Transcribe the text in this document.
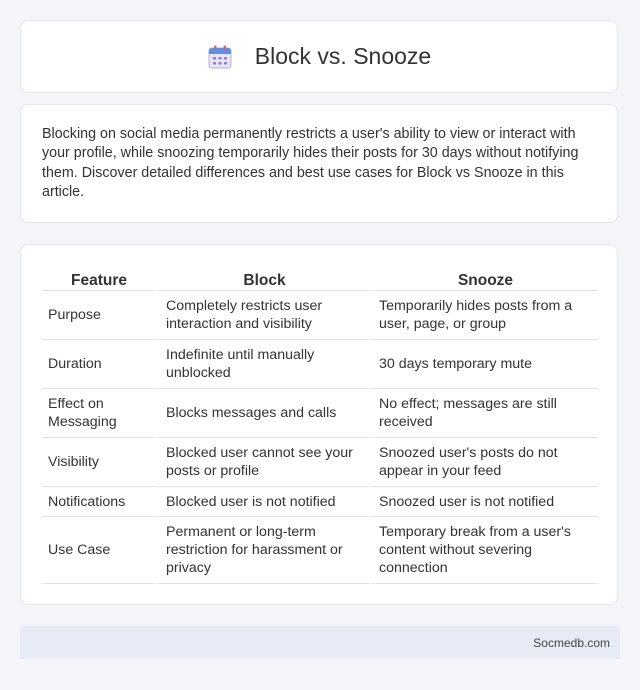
Block vs. Snooze

Blocking on social media permanently restricts a user's ability to view or interact with your profile, while snoozing temporarily hides their posts for 30 days without notifying them. Discover detailed differences and best use cases for Block vs Snooze in this article.

Feature	Block	Snooze
Purpose	Completely restricts user interaction and visibility	Temporarily hides posts from a user, page, or group
Duration	Indefinite until manually unblocked	30 days temporary mute
Effect on Messaging	Blocks messages and calls	No effect; messages are still received
Visibility	Blocked user cannot see your posts or profile	Snoozed user's posts do not appear in your feed
Notifications	Blocked user is not notified	Snoozed user is not notified
Use Case	Permanent or long-term restriction for harassment or privacy	Temporary break from a user's content without severing connection
Socmedb.com
